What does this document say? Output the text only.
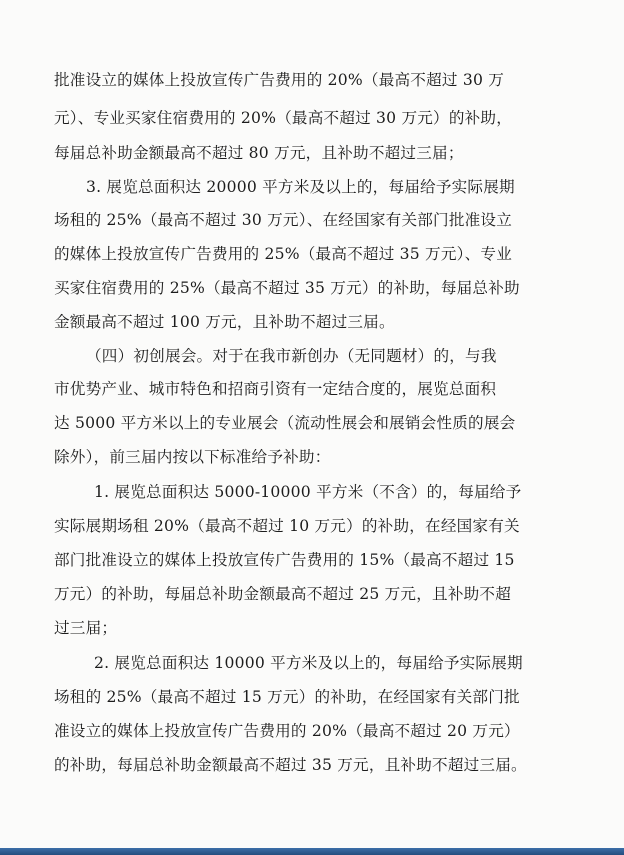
批准设立的媒体上投放宣传广告费用的 20%（最高不超过 30 万
元）、专业买家住宿费用的 20%（最高不超过 30 万元）的补助，
每届总补助金额最高不超过 80 万元，且补助不超过三届；
3. 展览总面积达 20000 平方米及以上的，每届给予实际展期
场租的 25%（最高不超过 30 万元）、在经国家有关部门批准设立
的媒体上投放宣传广告费用的 25%（最高不超过 35 万元）、专业
买家住宿费用的 25%（最高不超过 35 万元）的补助，每届总补助
金额最高不超过 100 万元，且补助不超过三届。
（四）初创展会。对于在我市新创办（无同题材）的，与我
市优势产业、城市特色和招商引资有一定结合度的，展览总面积
达 5000 平方米以上的专业展会（流动性展会和展销会性质的展会
除外），前三届内按以下标准给予补助：
1. 展览总面积达 5000-10000 平方米（不含）的，每届给予
实际展期场租 20%（最高不超过 10 万元）的补助，在经国家有关
部门批准设立的媒体上投放宣传广告费用的 15%（最高不超过 15
万元）的补助，每届总补助金额最高不超过 25 万元，且补助不超
过三届；
2. 展览总面积达 10000 平方米及以上的，每届给予实际展期
场租的 25%（最高不超过 15 万元）的补助，在经国家有关部门批
准设立的媒体上投放宣传广告费用的 20%（最高不超过 20 万元）
的补助，每届总补助金额最高不超过 35 万元，且补助不超过三届。
